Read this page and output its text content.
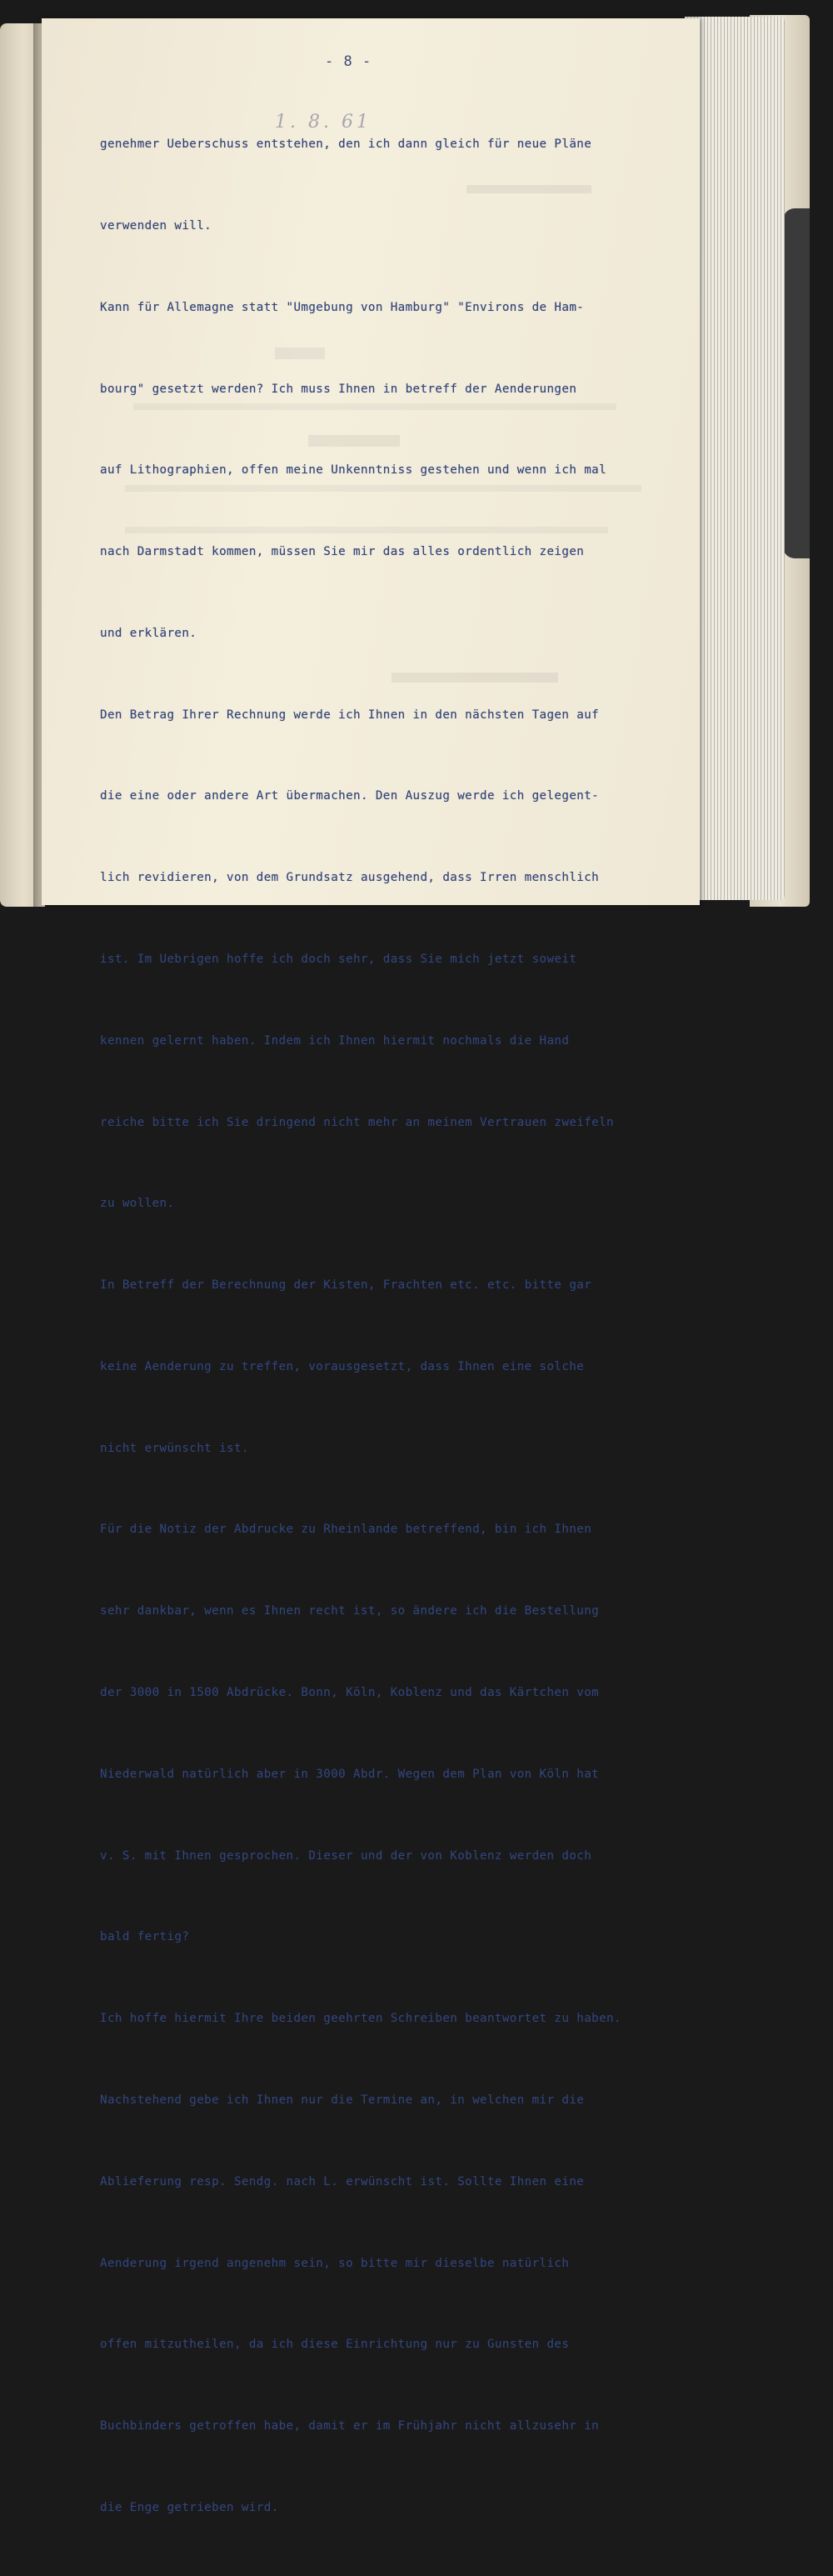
- 8 -
1. 8. 61

genehmer Ueberschuss entstehen, den ich dann gleich für neue Pläne

verwenden will.

Kann für Allemagne statt "Umgebung von Hamburg" "Environs de Ham-

bourg" gesetzt werden? Ich muss Ihnen in betreff der Aenderungen

auf Lithographien, offen meine Unkenntniss gestehen und wenn ich mal

nach Darmstadt kommen, müssen Sie mir das alles ordentlich zeigen

und erklären.

Den Betrag Ihrer Rechnung werde ich Ihnen in den nächsten Tagen auf

die eine oder andere Art übermachen. Den Auszug werde ich gelegent-

lich revidieren, von dem Grundsatz ausgehend, dass Irren menschlich

ist. Im Uebrigen hoffe ich doch sehr, dass Sie mich jetzt soweit

kennen gelernt haben. Indem ich Ihnen hiermit nochmals die Hand

reiche bitte ich Sie dringend nicht mehr an meinem Vertrauen zweifeln

zu wollen.

In Betreff der Berechnung der Kisten, Frachten etc. etc. bitte gar

keine Aenderung zu treffen, vorausgesetzt, dass Ihnen eine solche

nicht erwünscht ist.

Für die Notiz der Abdrucke zu Rheinlande betreffend, bin ich Ihnen

sehr dankbar, wenn es Ihnen recht ist, so ändere ich die Bestellung

der 3000 in 1500 Abdrücke. Bonn, Köln, Koblenz und das Kärtchen vom

Niederwald natürlich aber in 3000 Abdr. Wegen dem Plan von Köln hat

v. S. mit Ihnen gesprochen. Dieser und der von Koblenz werden doch

bald fertig?

Ich hoffe hiermit Ihre beiden geehrten Schreiben beantwortet zu haben.

Nachstehend gebe ich Ihnen nur die Termine an, in welchen mir die

Ablieferung resp. Sendg. nach L. erwünscht ist. Sollte Ihnen eine

Aenderung irgend angenehm sein, so bitte mir dieselbe natürlich

offen mitzutheilen, da ich diese Einrichtung nur zu Gunsten des

Buchbinders getroffen habe, damit er im Frühjahr nicht allzusehr in

die Enge getrieben wird.
